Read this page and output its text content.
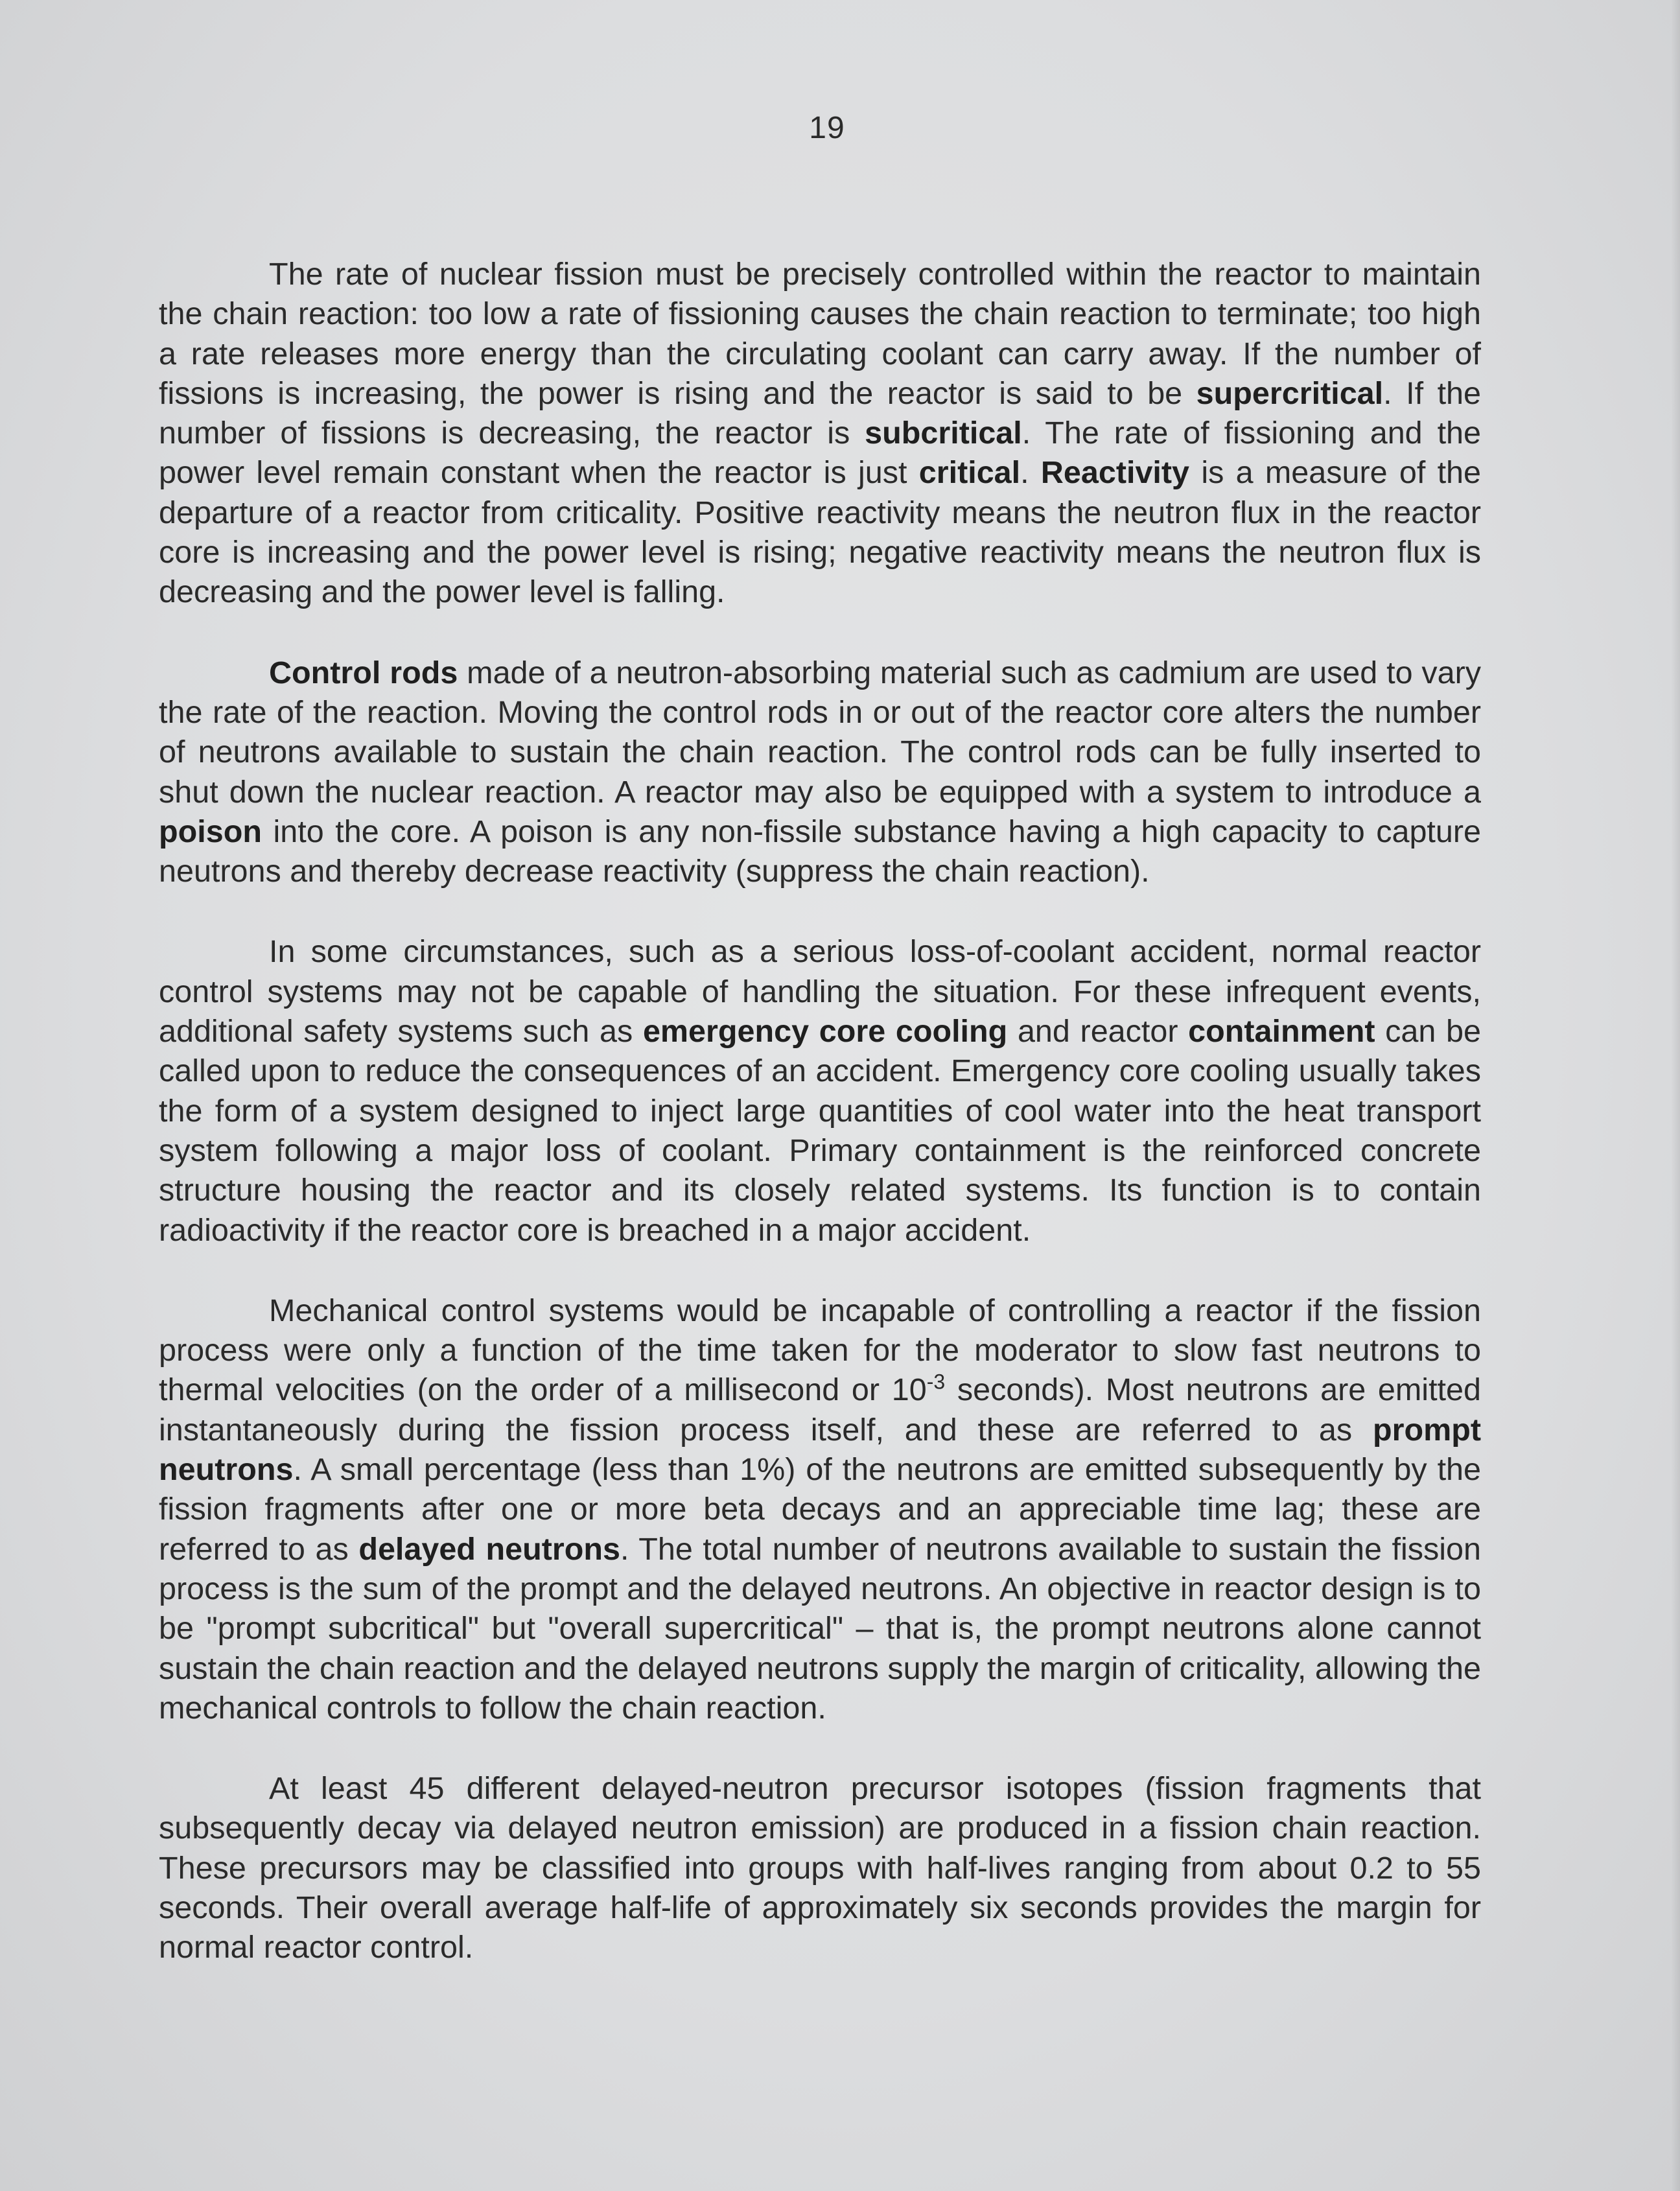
19

The rate of nuclear fission must be precisely controlled within the reactor to maintain the chain reaction: too low a rate of fissioning causes the chain reaction to terminate; too high a rate releases more energy than the circulating coolant can carry away. If the number of fissions is increasing, the power is rising and the reactor is said to be supercritical. If the number of fissions is decreasing, the reactor is subcritical. The rate of fissioning and the power level remain constant when the reactor is just critical. Reactivity is a measure of the departure of a reactor from criticality. Positive reactivity means the neutron flux in the reactor core is increasing and the power level is rising; negative reactivity means the neutron flux is decreasing and the power level is falling.

Control rods made of a neutron-absorbing material such as cadmium are used to vary the rate of the reaction. Moving the control rods in or out of the reactor core alters the number of neutrons available to sustain the chain reaction. The control rods can be fully inserted to shut down the nuclear reaction. A reactor may also be equipped with a system to introduce a poison into the core. A poison is any non-fissile substance having a high capacity to capture neutrons and thereby decrease reactivity (suppress the chain reaction).

In some circumstances, such as a serious loss-of-coolant accident, normal reactor control systems may not be capable of handling the situation. For these infrequent events, additional safety systems such as emergency core cooling and reactor containment can be called upon to reduce the consequences of an accident. Emergency core cooling usually takes the form of a system designed to inject large quantities of cool water into the heat transport system following a major loss of coolant. Primary containment is the reinforced concrete structure housing the reactor and its closely related systems. Its function is to contain radioactivity if the reactor core is breached in a major accident.

Mechanical control systems would be incapable of controlling a reactor if the fission process were only a function of the time taken for the moderator to slow fast neutrons to thermal velocities (on the order of a millisecond or $10^{-3}$ seconds). Most neutrons are emitted instantaneously during the fission process itself, and these are referred to as prompt neutrons. A small percentage (less than 1%) of the neutrons are emitted subsequently by the fission fragments after one or more beta decays and an appreciable time lag; these are referred to as delayed neutrons. The total number of neutrons available to sustain the fission process is the sum of the prompt and the delayed neutrons. An objective in reactor design is to be "prompt subcritical" but "overall supercritical" – that is, the prompt neutrons alone cannot sustain the chain reaction and the delayed neutrons supply the margin of criticality, allowing the mechanical controls to follow the chain reaction.

At least 45 different delayed-neutron precursor isotopes (fission fragments that subsequently decay via delayed neutron emission) are produced in a fission chain reaction. These precursors may be classified into groups with half-lives ranging from about 0.2 to 55 seconds. Their overall average half-life of approximately six seconds provides the margin for normal reactor control.
